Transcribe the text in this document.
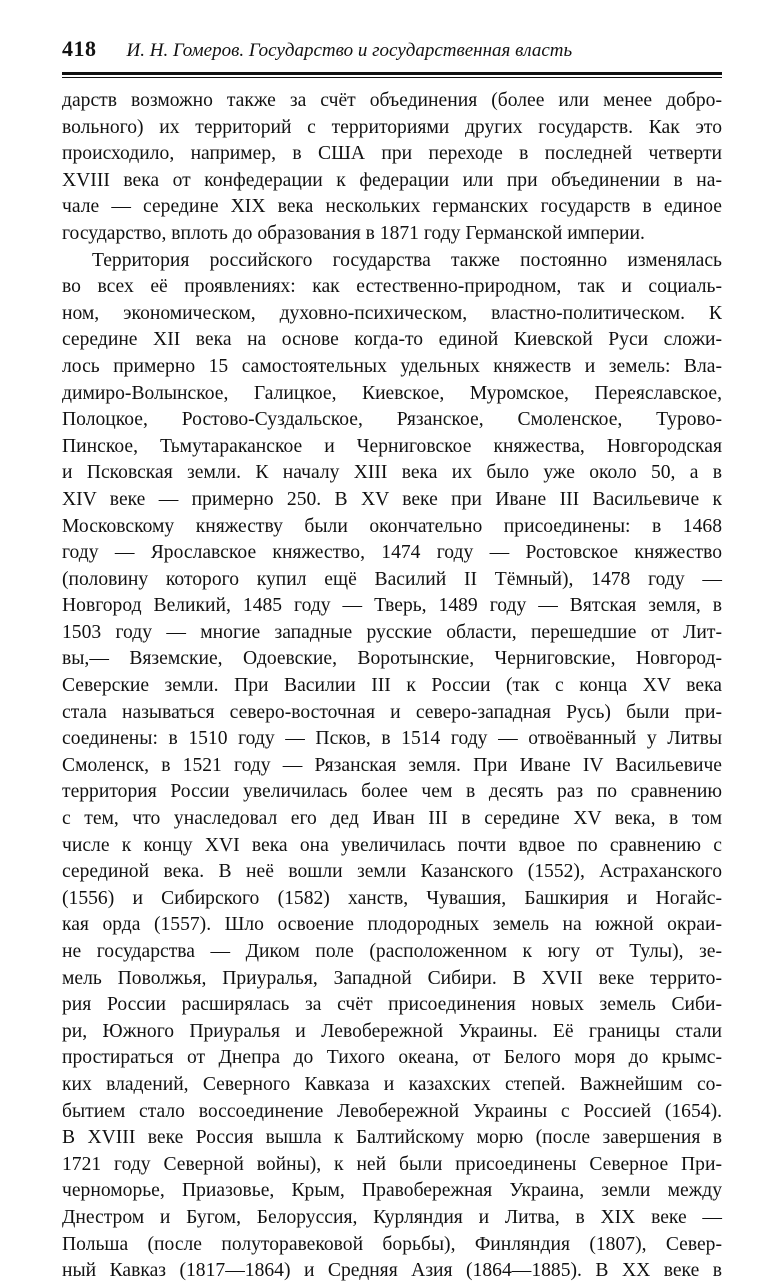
418 И. Н. Гомеров. Государство и государственная власть
дарств возможно также за счёт объединения (более или менее добро-
вольного) их территорий с территориями других государств. Как это
происходило, например, в США при переходе в последней четверти
XVIII века от конфедерации к федерации или при объединении в на-
чале — середине XIX века нескольких германских государств в единое
государство, вплоть до образования в 1871 году Германской империи.
Территория российского государства также постоянно изменялась
во всех её проявлениях: как естественно-природном, так и социаль-
ном, экономическом, духовно-психическом, властно-политическом. К
середине XII века на основе когда-то единой Киевской Руси сложи-
лось примерно 15 самостоятельных удельных княжеств и земель: Вла-
димиро-Волынское, Галицкое, Киевское, Муромское, Переяславское,
Полоцкое, Ростово-Суздальское, Рязанское, Смоленское, Турово-
Пинское, Тьмутараканское и Черниговское княжества, Новгородская
и Псковская земли. К началу XIII века их было уже около 50, а в
XIV веке — примерно 250. В XV веке при Иване III Васильевиче к
Московскому княжеству были окончательно присоединены: в 1468
году — Ярославское княжество, 1474 году — Ростовское княжество
(половину которого купил ещё Василий II Тёмный), 1478 году —
Новгород Великий, 1485 году — Тверь, 1489 году — Вятская земля, в
1503 году — многие западные русские области, перешедшие от Лит-
вы,— Вяземские, Одоевские, Воротынские, Черниговские, Новгород-
Северские земли. При Василии III к России (так с конца XV века
стала называться северо-восточная и северо-западная Русь) были при-
соединены: в 1510 году — Псков, в 1514 году — отвоёванный у Литвы
Смоленск, в 1521 году — Рязанская земля. При Иване IV Васильевиче
территория России увеличилась более чем в десять раз по сравнению
с тем, что унаследовал его дед Иван III в середине XV века, в том
числе к концу XVI века она увеличилась почти вдвое по сравнению с
серединой века. В неё вошли земли Казанского (1552), Астраханского
(1556) и Сибирского (1582) ханств, Чувашия, Башкирия и Ногайс-
кая орда (1557). Шло освоение плодородных земель на южной окраи-
не государства — Диком поле (расположенном к югу от Тулы), зе-
мель Поволжья, Приуралья, Западной Сибири. В XVII веке террито-
рия России расширялась за счёт присоединения новых земель Сиби-
ри, Южного Приуралья и Левобережной Украины. Её границы стали
простираться от Днепра до Тихого океана, от Белого моря до крымс-
ких владений, Северного Кавказа и казахских степей. Важнейшим со-
бытием стало воссоединение Левобережной Украины с Россией (1654).
В XVIII веке Россия вышла к Балтийскому морю (после завершения в
1721 году Северной войны), к ней были присоединены Северное При-
черноморье, Приазовье, Крым, Правобережная Украина, земли между
Днестром и Бугом, Белоруссия, Курляндия и Литва, в XIX веке —
Польша (после полуторавековой борьбы), Финляндия (1807), Север-
ный Кавказ (1817—1864) и Средняя Азия (1864—1885). В XX веке в
